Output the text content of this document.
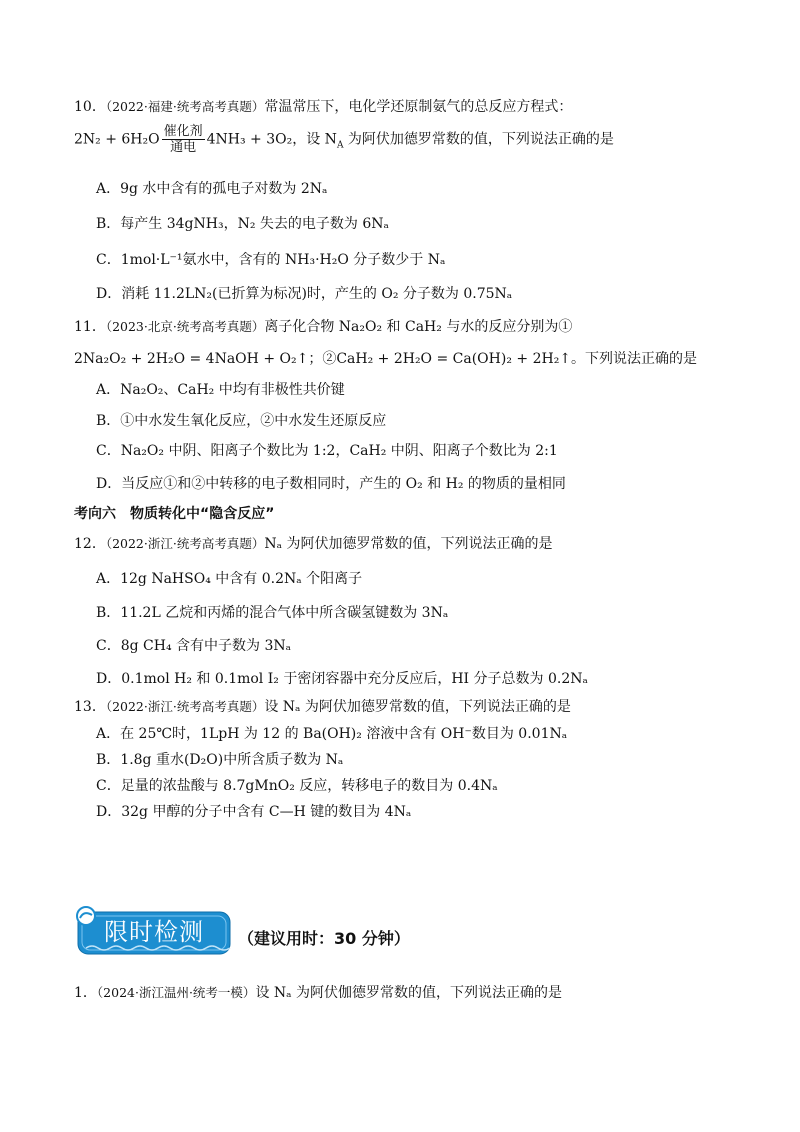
10．（2022·福建·统考高考真题）常温常压下，电化学还原制氨气的总反应方程式：
$2N_2 + 6H_2O \frac{\text{催化剂}}{\text{通电}} 4NH_3 + 3O_2$，设 $N_A$ 为阿伏加德罗常数的值，下列说法正确的是
A．9g 水中含有的孤电子对数为 2Nₐ
B．每产生 34gNH₃，N₂ 失去的电子数为 6Nₐ
C．1mol·L⁻¹氨水中，含有的 NH₃·H₂O 分子数少于 Nₐ
D．消耗 11.2LN₂(已折算为标况)时，产生的 O₂ 分子数为 0.75Nₐ
11．（2023·北京·统考高考真题）离子化合物 Na₂O₂ 和 CaH₂ 与水的反应分别为①
2Na₂O₂ + 2H₂O = 4NaOH + O₂↑；②CaH₂ + 2H₂O = Ca(OH)₂ + 2H₂↑。下列说法正确的是
A．Na₂O₂、CaH₂ 中均有非极性共价键
B．①中水发生氧化反应，②中水发生还原反应
C．Na₂O₂ 中阴、阳离子个数比为 1:2，CaH₂ 中阴、阳离子个数比为 2:1
D．当反应①和②中转移的电子数相同时，产生的 O₂ 和 H₂ 的物质的量相同
考向六　物质转化中“隐含反应”
12．（2022·浙江·统考高考真题）Nₐ 为阿伏加德罗常数的值，下列说法正确的是
A．12g NaHSO₄ 中含有 0.2Nₐ 个阳离子
B．11.2L 乙烷和丙烯的混合气体中所含碳氢键数为 3Nₐ
C．8g CH₄ 含有中子数为 3Nₐ
D．0.1mol H₂ 和 0.1mol I₂ 于密闭容器中充分反应后，HI 分子总数为 0.2Nₐ
13．（2022·浙江·统考高考真题）设 Nₐ 为阿伏加德罗常数的值，下列说法正确的是
A．在 25℃时，1LpH 为 12 的 Ba(OH)₂ 溶液中含有 OH⁻数目为 0.01Nₐ
B．1.8g 重水(D₂O)中所含质子数为 Nₐ
C．足量的浓盐酸与 8.7gMnO₂ 反应，转移电子的数目为 0.4Nₐ
D．32g 甲醇的分子中含有 C—H 键的数目为 4Nₐ
限时检测 （建议用时：30 分钟）
1．（2024·浙江温州·统考一模）设 Nₐ 为阿伏伽德罗常数的值，下列说法正确的是
